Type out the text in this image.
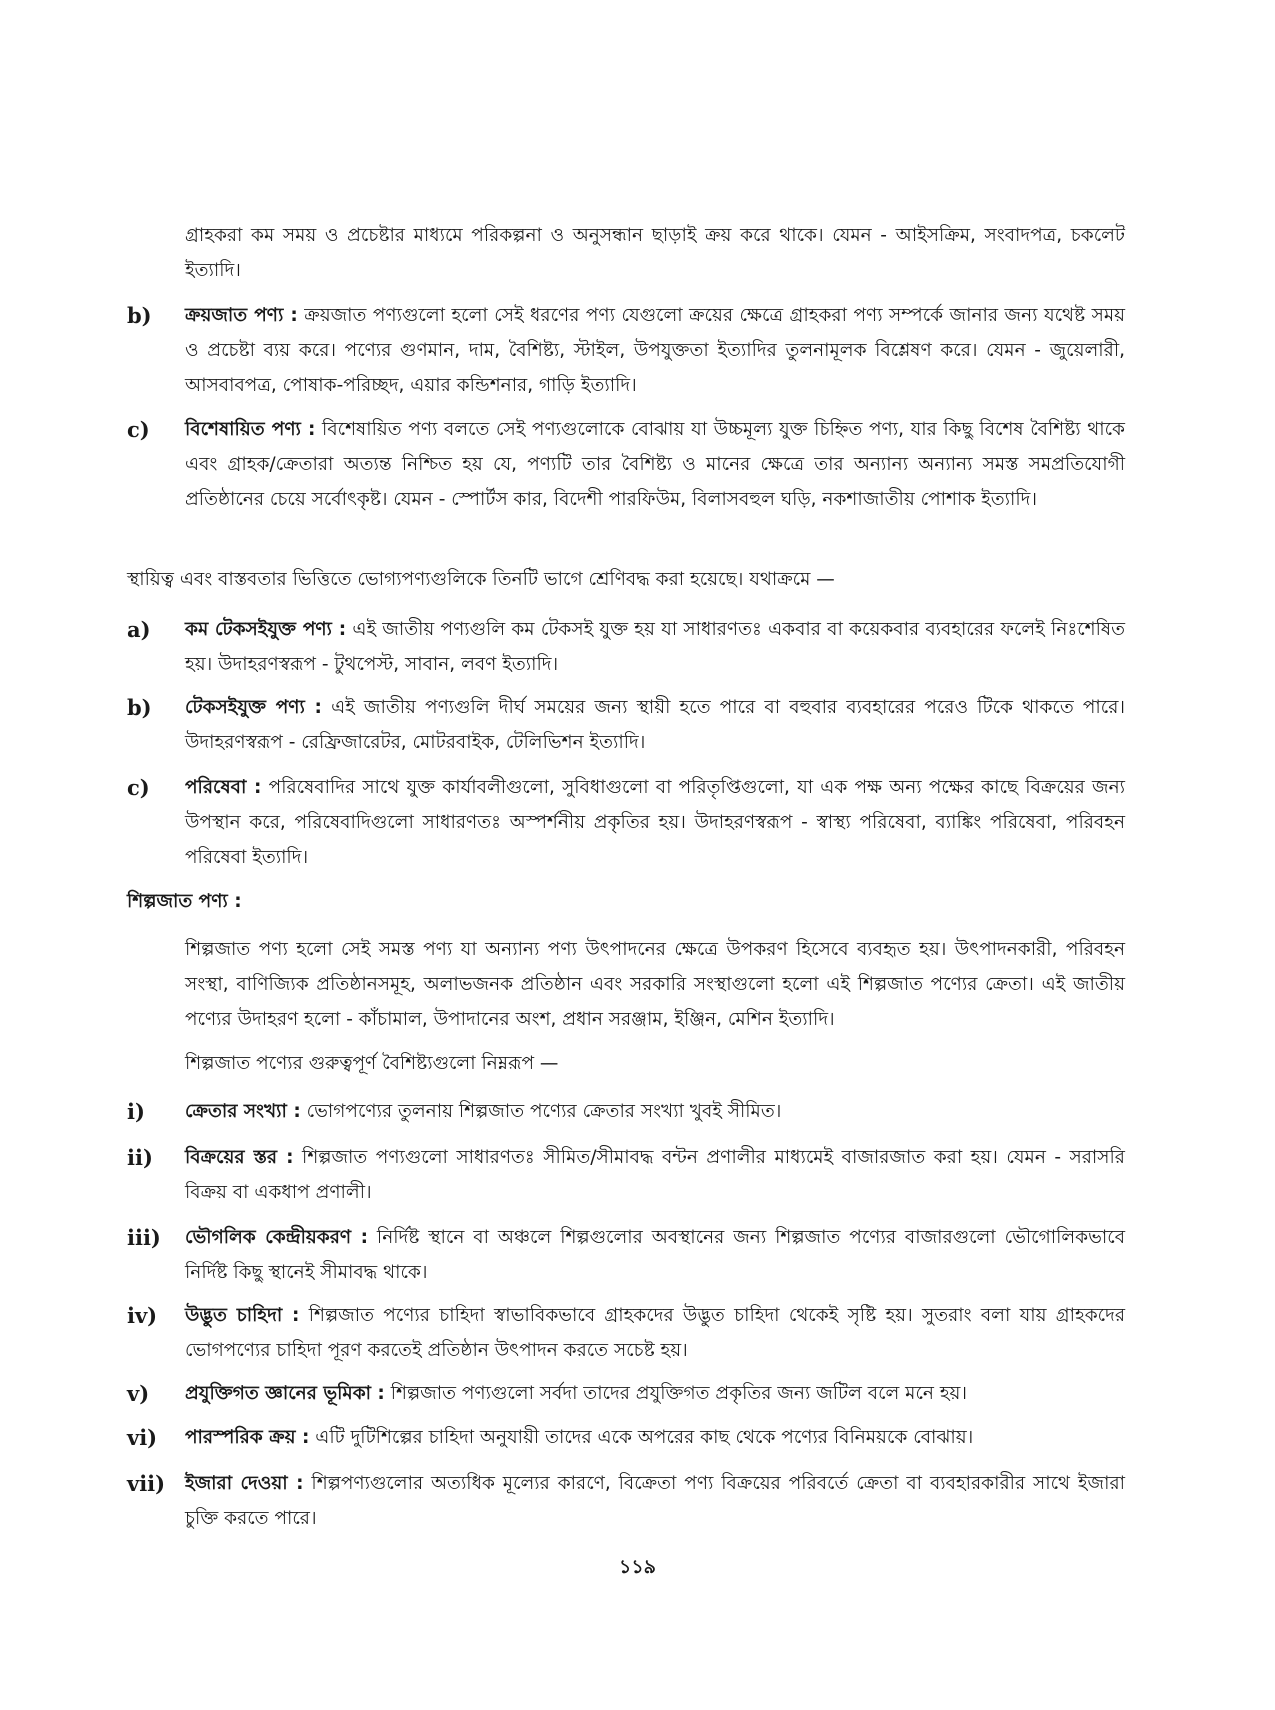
গ্রাহকরা কম সময় ও প্রচেষ্টার মাধ্যমে পরিকল্পনা ও অনুসন্ধান ছাড়াই ক্রয় করে থাকে। যেমন - আইসক্রিম, সংবাদপত্র, চকলেট ইত্যাদি।

b)	ক্রয়জাত পণ্য : ক্রয়জাত পণ্যগুলো হলো সেই ধরণের পণ্য যেগুলো ক্রয়ের ক্ষেত্রে গ্রাহকরা পণ্য সম্পর্কে জানার জন্য যথেষ্ট সময় ও প্রচেষ্টা ব্যয় করে। পণ্যের গুণমান, দাম, বৈশিষ্ট্য, স্টাইল, উপযুক্ততা ইত্যাদির তুলনামূলক বিশ্লেষণ করে। যেমন - জুয়েলারী, আসবাবপত্র, পোষাক-পরিচ্ছদ, এয়ার কন্ডিশনার, গাড়ি ইত্যাদি।
c)	বিশেষায়িত পণ্য : বিশেষায়িত পণ্য বলতে সেই পণ্যগুলোকে বোঝায় যা উচ্চমূল্য যুক্ত চিহ্নিত পণ্য, যার কিছু বিশেষ বৈশিষ্ট্য থাকে এবং গ্রাহক/ক্রেতারা অত্যন্ত নিশ্চিত হয় যে, পণ্যটি তার বৈশিষ্ট্য ও মানের ক্ষেত্রে তার অন্যান্য অন্যান্য সমস্ত সমপ্রতিযোগী প্রতিষ্ঠানের চেয়ে সর্বোৎকৃষ্ট। যেমন - স্পোর্টস কার, বিদেশী পারফিউম, বিলাসবহুল ঘড়ি, নকশাজাতীয় পোশাক ইত্যাদি।

স্থায়িত্ব এবং বাস্তবতার ভিত্তিতে ভোগ্যপণ্যগুলিকে তিনটি ভাগে শ্রেণিবদ্ধ করা হয়েছে। যথাক্রমে —

a)	কম টেকসইযুক্ত পণ্য : এই জাতীয় পণ্যগুলি কম টেকসই যুক্ত হয় যা সাধারণতঃ একবার বা কয়েকবার ব্যবহারের ফলেই নিঃশেষিত হয়। উদাহরণস্বরূপ - টুথপেস্ট, সাবান, লবণ ইত্যাদি।
b)	টেকসইযুক্ত পণ্য : এই জাতীয় পণ্যগুলি দীর্ঘ সময়ের জন্য স্থায়ী হতে পারে বা বহুবার ব্যবহারের পরেও টিকে থাকতে পারে। উদাহরণস্বরূপ - রেফ্রিজারেটর, মোটরবাইক, টেলিভিশন ইত্যাদি।
c)	পরিষেবা : পরিষেবাদির সাথে যুক্ত কার্যাবলীগুলো, সুবিধাগুলো বা পরিতৃপ্তিগুলো, যা এক পক্ষ অন্য পক্ষের কাছে বিক্রয়ের জন্য উপস্থান করে, পরিষেবাদিগুলো সাধারণতঃ অস্পর্শনীয় প্রকৃতির হয়। উদাহরণস্বরূপ - স্বাস্থ্য পরিষেবা, ব্যাঙ্কিং পরিষেবা, পরিবহন পরিষেবা ইত্যাদি।

শিল্পজাত পণ্য :

শিল্পজাত পণ্য হলো সেই সমস্ত পণ্য যা অন্যান্য পণ্য উৎপাদনের ক্ষেত্রে উপকরণ হিসেবে ব্যবহৃত হয়। উৎপাদনকারী, পরিবহন সংস্থা, বাণিজ্যিক প্রতিষ্ঠানসমূহ, অলাভজনক প্রতিষ্ঠান এবং সরকারি সংস্থাগুলো হলো এই শিল্পজাত পণ্যের ক্রেতা। এই জাতীয় পণ্যের উদাহরণ হলো - কাঁচামাল, উপাদানের অংশ, প্রধান সরঞ্জাম, ইঞ্জিন, মেশিন ইত্যাদি।

শিল্পজাত পণ্যের গুরুত্বপূর্ণ বৈশিষ্ট্যগুলো নিম্নরূপ —

i)	ক্রেতার সংখ্যা : ভোগপণ্যের তুলনায় শিল্পজাত পণ্যের ক্রেতার সংখ্যা খুবই সীমিত।
ii)	বিক্রয়ের স্তর : শিল্পজাত পণ্যগুলো সাধারণতঃ সীমিত/সীমাবদ্ধ বন্টন প্রণালীর মাধ্যমেই বাজারজাত করা হয়। যেমন - সরাসরি বিক্রয় বা একধাপ প্রণালী।
iii)	ভৌগলিক কেন্দ্রীয়করণ : নির্দিষ্ট স্থানে বা অঞ্চলে শিল্পগুলোর অবস্থানের জন্য শিল্পজাত পণ্যের বাজারগুলো ভৌগোলিকভাবে নির্দিষ্ট কিছু স্থানেই সীমাবদ্ধ থাকে।
iv)	উদ্ভুত চাহিদা : শিল্পজাত পণ্যের চাহিদা স্বাভাবিকভাবে গ্রাহকদের উদ্ভুত চাহিদা থেকেই সৃষ্টি হয়। সুতরাং বলা যায় গ্রাহকদের ভোগপণ্যের চাহিদা পূরণ করতেই প্রতিষ্ঠান উৎপাদন করতে সচেষ্ট হয়।
v)	প্রযুক্তিগত জ্ঞানের ভূমিকা : শিল্পজাত পণ্যগুলো সর্বদা তাদের প্রযুক্তিগত প্রকৃতির জন্য জটিল বলে মনে হয়।
vi)	পারস্পরিক ক্রয় : এটি দুটিশিল্পের চাহিদা অনুযায়ী তাদের একে অপরের কাছ থেকে পণ্যের বিনিময়কে বোঝায়।
vii)	ইজারা দেওয়া : শিল্পপণ্যগুলোর অত্যধিক মূল্যের কারণে, বিক্রেতা পণ্য বিক্রয়ের পরিবর্তে ক্রেতা বা ব্যবহারকারীর সাথে ইজারা চুক্তি করতে পারে।
১১৯
